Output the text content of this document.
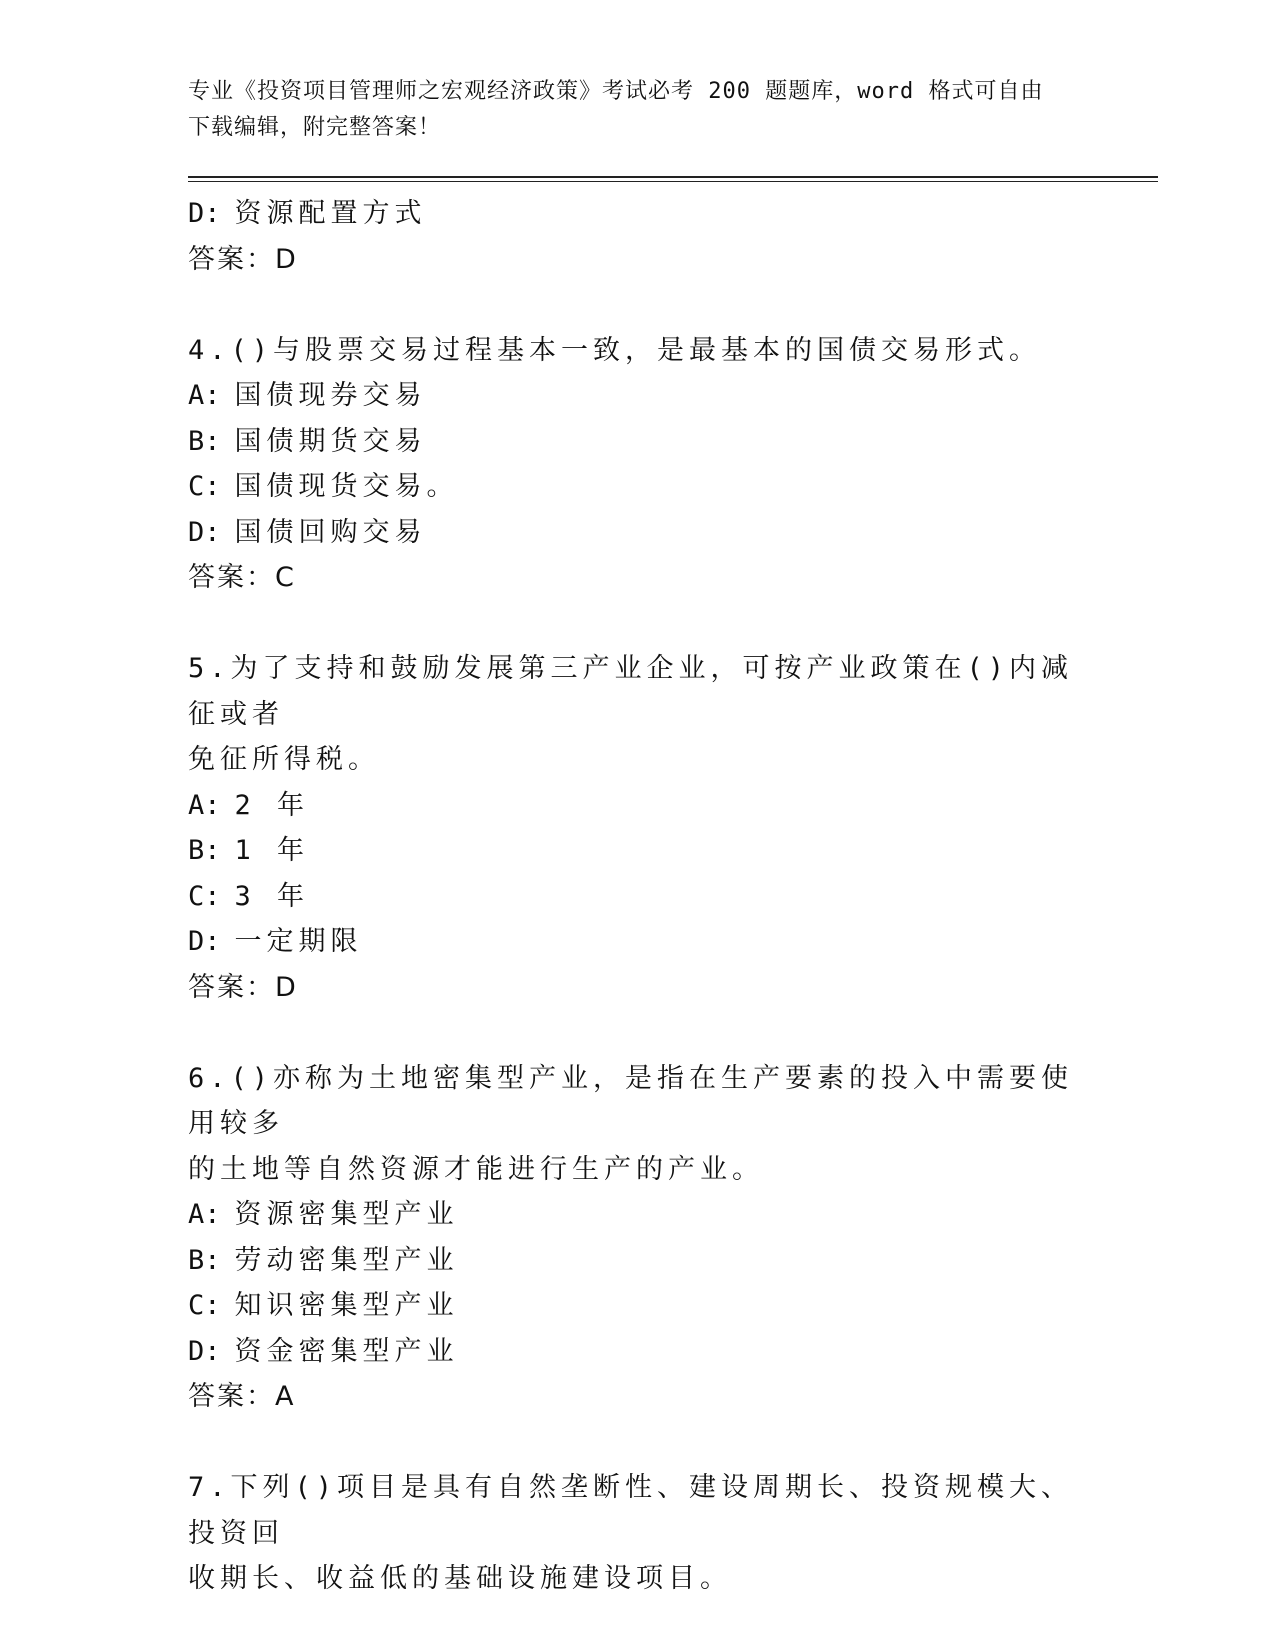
专业《投资项目管理师之宏观经济政策》考试必考 200 题题库，word 格式可自由
下载编辑，附完整答案！
D: 资源配置方式
答案：D
4.()与股票交易过程基本一致，是最基本的国债交易形式。
A: 国债现券交易
B: 国债期货交易
C: 国债现货交易。
D: 国债回购交易
答案：C
5.为了支持和鼓励发展第三产业企业，可按产业政策在()内减征或者
免征所得税。
A: 2 年
B: 1 年
C: 3 年
D: 一定期限
答案：D
6.()亦称为土地密集型产业，是指在生产要素的投入中需要使用较多
的土地等自然资源才能进行生产的产业。
A: 资源密集型产业
B: 劳动密集型产业
C: 知识密集型产业
D: 资金密集型产业
答案：A
7.下列()项目是具有自然垄断性、建设周期长、投资规模大、投资回
收期长、收益低的基础设施建设项目。
